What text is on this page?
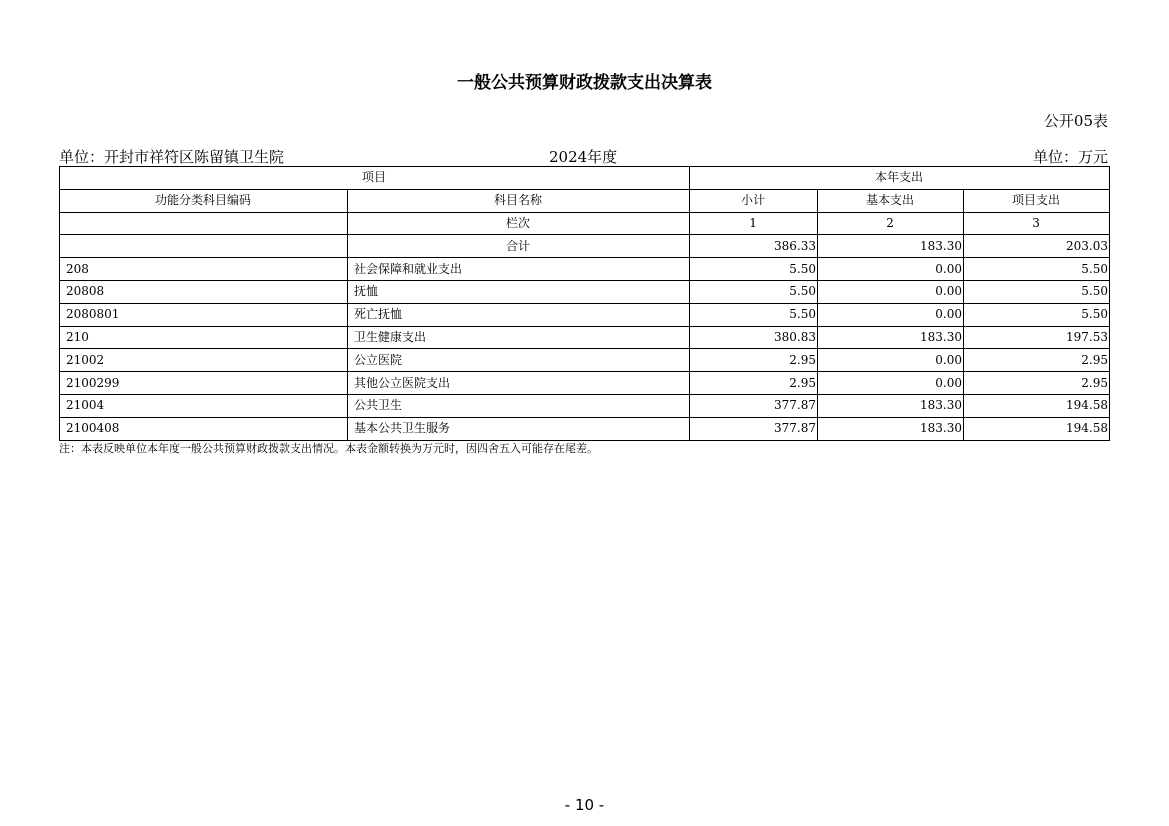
一般公共预算财政拨款支出决算表
公开05表
单位：开封市祥符区陈留镇卫生院	2024年度	单位：万元
项目		本年支出		
功能分类科目编码	科目名称	小计	基本支出	项目支出
	栏次	1	2	3
	合计	386.33	183.30	203.03
208	社会保障和就业支出	5.50	0.00	5.50
20808	抚恤	5.50	0.00	5.50
2080801	死亡抚恤	5.50	0.00	5.50
210	卫生健康支出	380.83	183.30	197.53
21002	公立医院	2.95	0.00	2.95
2100299	其他公立医院支出	2.95	0.00	2.95
21004	公共卫生	377.87	183.30	194.58
2100408	基本公共卫生服务	377.87	183.30	194.58
注：本表反映单位本年度一般公共预算财政拨款支出情况。本表金额转换为万元时，因四舍五入可能存在尾差。
- 10 -
